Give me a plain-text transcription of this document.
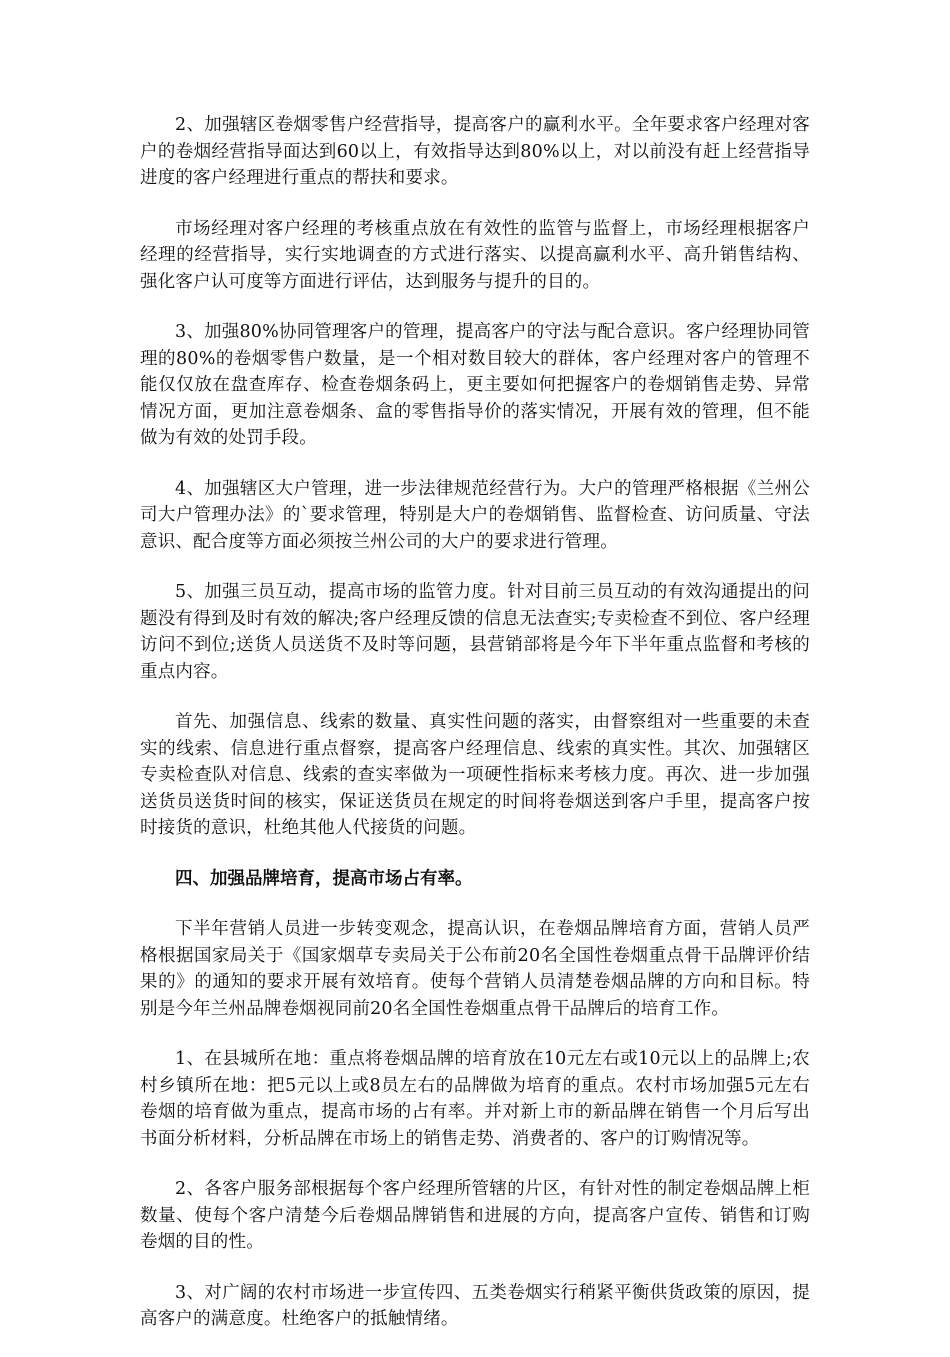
2、加强辖区卷烟零售户经营指导，提高客户的赢利水平。全年要求客户经理对客户的卷烟经营指导面达到60以上，有效指导达到80%以上，对以前没有赶上经营指导进度的客户经理进行重点的帮扶和要求。

市场经理对客户经理的考核重点放在有效性的监管与监督上，市场经理根据客户经理的经营指导，实行实地调查的方式进行落实、以提高赢利水平、高升销售结构、强化客户认可度等方面进行评估，达到服务与提升的目的。

3、加强80%协同管理客户的管理，提高客户的守法与配合意识。客户经理协同管理的80%的卷烟零售户数量，是一个相对数目较大的群体，客户经理对客户的管理不能仅仅放在盘查库存、检查卷烟条码上，更主要如何把握客户的卷烟销售走势、异常情况方面，更加注意卷烟条、盒的零售指导价的落实情况，开展有效的管理，但不能做为有效的处罚手段。

4、加强辖区大户管理，进一步法律规范经营行为。大户的管理严格根据《兰州公司大户管理办法》的`要求管理，特别是大户的卷烟销售、监督检查、访问质量、守法意识、配合度等方面必须按兰州公司的大户的要求进行管理。

5、加强三员互动，提高市场的监管力度。针对目前三员互动的有效沟通提出的问题没有得到及时有效的解决;客户经理反馈的信息无法查实;专卖检查不到位、客户经理访问不到位;送货人员送货不及时等问题，县营销部将是今年下半年重点监督和考核的重点内容。

首先、加强信息、线索的数量、真实性问题的落实，由督察组对一些重要的未查实的线索、信息进行重点督察，提高客户经理信息、线索的真实性。其次、加强辖区专卖检查队对信息、线索的查实率做为一项硬性指标来考核力度。再次、进一步加强送货员送货时间的核实，保证送货员在规定的时间将卷烟送到客户手里，提高客户按时接货的意识，杜绝其他人代接货的问题。

四、加强品牌培育，提高市场占有率。

下半年营销人员进一步转变观念，提高认识，在卷烟品牌培育方面，营销人员严格根据国家局关于《国家烟草专卖局关于公布前20名全国性卷烟重点骨干品牌评价结果的》的通知的要求开展有效培育。使每个营销人员清楚卷烟品牌的方向和目标。特别是今年兰州品牌卷烟视同前20名全国性卷烟重点骨干品牌后的培育工作。

1、在县城所在地：重点将卷烟品牌的培育放在10元左右或10元以上的品牌上;农村乡镇所在地：把5元以上或8员左右的品牌做为培育的重点。农村市场加强5元左右卷烟的培育做为重点，提高市场的占有率。并对新上市的新品牌在销售一个月后写出书面分析材料，分析品牌在市场上的销售走势、消费者的、客户的订购情况等。

2、各客户服务部根据每个客户经理所管辖的片区，有针对性的制定卷烟品牌上柜数量、使每个客户清楚今后卷烟品牌销售和进展的方向，提高客户宣传、销售和订购卷烟的目的性。

3、对广阔的农村市场进一步宣传四、五类卷烟实行稍紧平衡供货政策的原因，提高客户的满意度。杜绝客户的抵触情绪。
